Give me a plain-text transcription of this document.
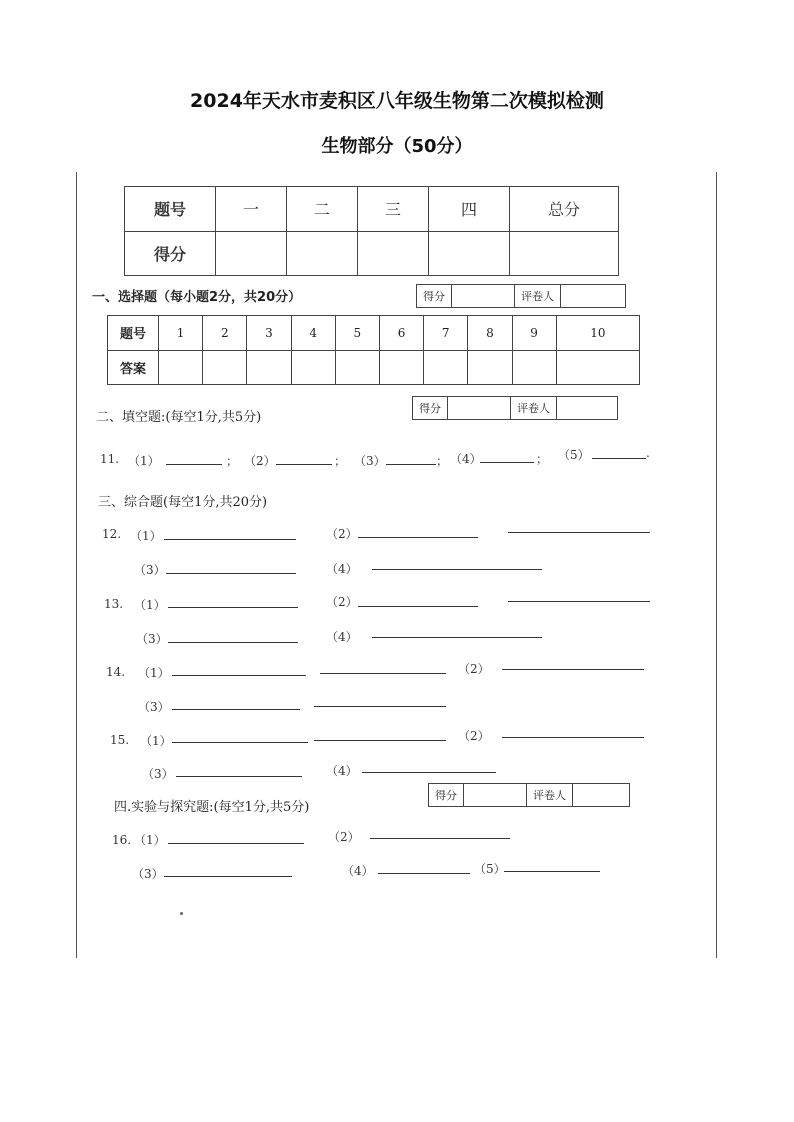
2024年天水市麦积区八年级生物第二次模拟检测
生物部分（50分）
题号	一	二	三	四	总分
得分					
一、选择题（每小题2分，共20分）	得分	评卷人
题号	1	2	3	4	5	6	7	8	9	10
答案										
二、填空题:(每空1分,共5分)
得分	评卷人
11. （1）	； （2）	； （3）	； （4）	； （5）	.
三、综合题(每空1分,共20分)
12. （1）	（2）
（3）	（4）
13. （1）	（2）
（3）	（4）
14. （1）	（2）
（3）
15. （1）	（2）
（3）	（4）
四.实验与探究题:(每空1分,共5分)
得分	评卷人
16. （1）	（2）
（3）	（4）	（5）
